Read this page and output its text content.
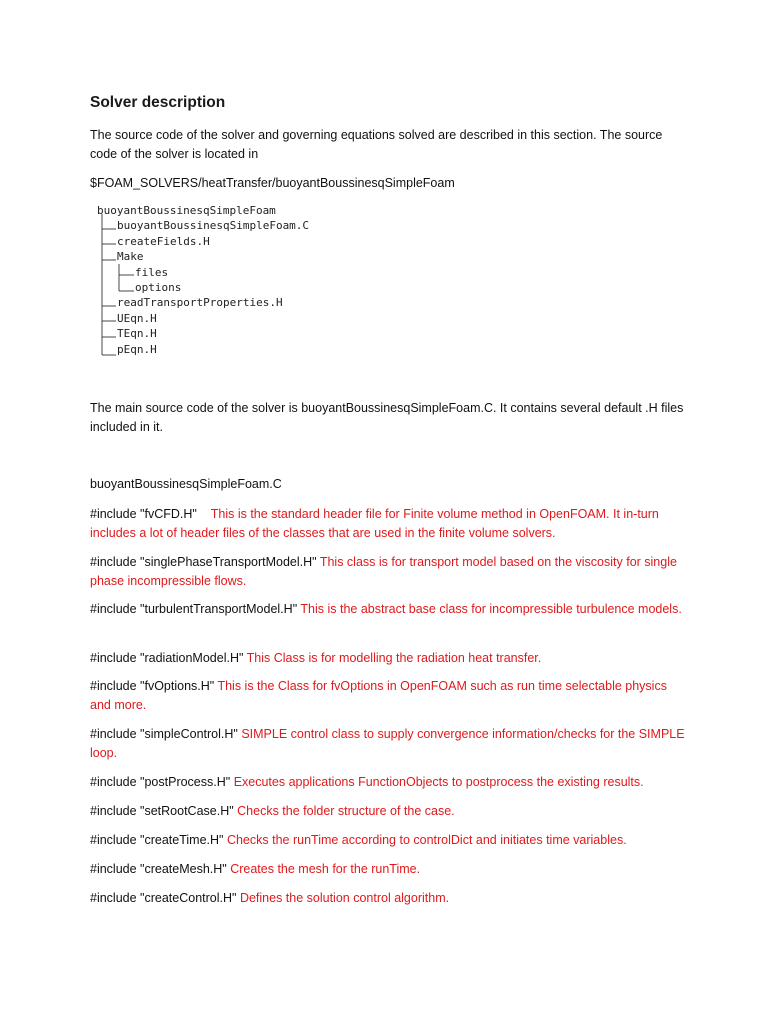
Solver description
The source code of the solver and governing equations solved are described in this section. The source code of the solver is located in
$FOAM_SOLVERS/heatTransfer/buoyantBoussinesqSimpleFoam
buoyantBoussinesqSimpleFoam
buoyantBoussinesqSimpleFoam.C
createFields.H
Make
files
options
readTransportProperties.H
UEqn.H
TEqn.H
pEqn.H
The main source code of the solver is buoyantBoussinesqSimpleFoam.C. It contains several default .H files included in it.
buoyantBoussinesqSimpleFoam.C
#include "fvCFD.H" This is the standard header file for Finite volume method in OpenFOAM. It in-turn includes a lot of header files of the classes that are used in the finite volume solvers.
#include "singlePhaseTransportModel.H" This class is for transport model based on the viscosity for single phase incompressible flows.
#include "turbulentTransportModel.H" This is the abstract base class for incompressible turbulence models.
#include "radiationModel.H" This Class is for modelling the radiation heat transfer.
#include "fvOptions.H" This is the Class for fvOptions in OpenFOAM such as run time selectable physics and more.
#include "simpleControl.H" SIMPLE control class to supply convergence information/checks for the SIMPLE loop.
#include "postProcess.H" Executes applications FunctionObjects to postprocess the existing results.
#include "setRootCase.H" Checks the folder structure of the case.
#include "createTime.H" Checks the runTime according to controlDict and initiates time variables.
#include "createMesh.H" Creates the mesh for the runTime.
#include "createControl.H" Defines the solution control algorithm.
